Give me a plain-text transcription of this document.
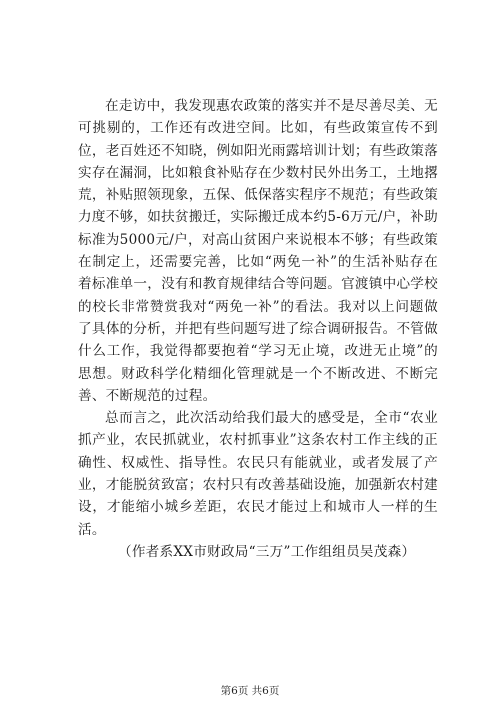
在走访中，我发现惠农政策的落实并不是尽善尽美、无可挑剔的，工作还有改进空间。比如，有些政策宣传不到位，老百姓还不知晓，例如阳光雨露培训计划；有些政策落实存在漏洞，比如粮食补贴存在少数村民外出务工，土地撂荒，补贴照领现象，五保、低保落实程序不规范；有些政策力度不够，如扶贫搬迁，实际搬迁成本约5-6万元/户，补助标准为5000元/户，对高山贫困户来说根本不够；有些政策在制定上，还需要完善，比如“两免一补”的生活补贴存在着标准单一，没有和教育规律结合等问题。官渡镇中心学校的校长非常赞赏我对“两免一补”的看法。我对以上问题做了具体的分析，并把有些问题写进了综合调研报告。不管做什么工作，我觉得都要抱着“学习无止境，改进无止境”的思想。财政科学化精细化管理就是一个不断改进、不断完善、不断规范的过程。

总而言之，此次活动给我们最大的感受是，全市“农业抓产业，农民抓就业，农村抓事业”这条农村工作主线的正确性、权威性、指导性。农民只有能就业，或者发展了产业，才能脱贫致富；农村只有改善基础设施，加强新农村建设，才能缩小城乡差距，农民才能过上和城市人一样的生活。

（作者系XX市财政局“三万”工作组组员吴茂森）

第6页 共6页
